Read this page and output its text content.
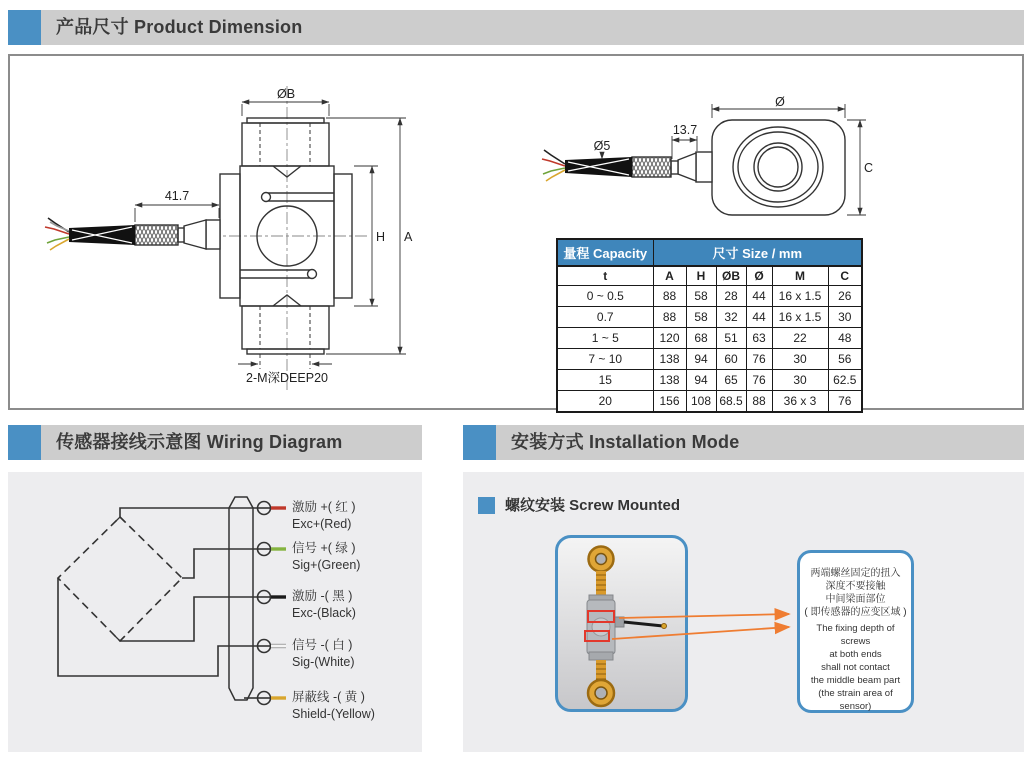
产品尺寸 Product Dimension
ØB
41.7
H A
2-M深DEEP20
Ø
C
13.7
Ø5
量程 Capacity	尺寸 Size / mm					
t	A	H	ØB	Ø	M	C
0 ~ 0.5	88	58	28	44	16 x 1.5	26
0.7	88	58	32	44	16 x 1.5	30
1 ~ 5	120	68	51	63	22	48
7 ~ 10	138	94	60	76	30	56
15	138	94	65	76	30	62.5
20	156	108	68.5	88	36 x 3	76
传感器接线示意图 Wiring Diagram
激励 +( 红 )
Exc+(Red)
信号 +( 绿 )
Sig+(Green)
激励 -( 黑 )
Exc-(Black)
信号 -( 白 )
Sig-(White)
屏蔽线 -( 黄 )
Shield-(Yellow)
安装方式 Installation Mode
螺纹安装 Screw Mounted
两端螺丝固定的扭入
深度不要接触
中间梁面部位
( 即传感器的应变区域 )
The fixing depth of screws
at both ends
shall not contact
the middle beam part
(the strain area of sensor)
